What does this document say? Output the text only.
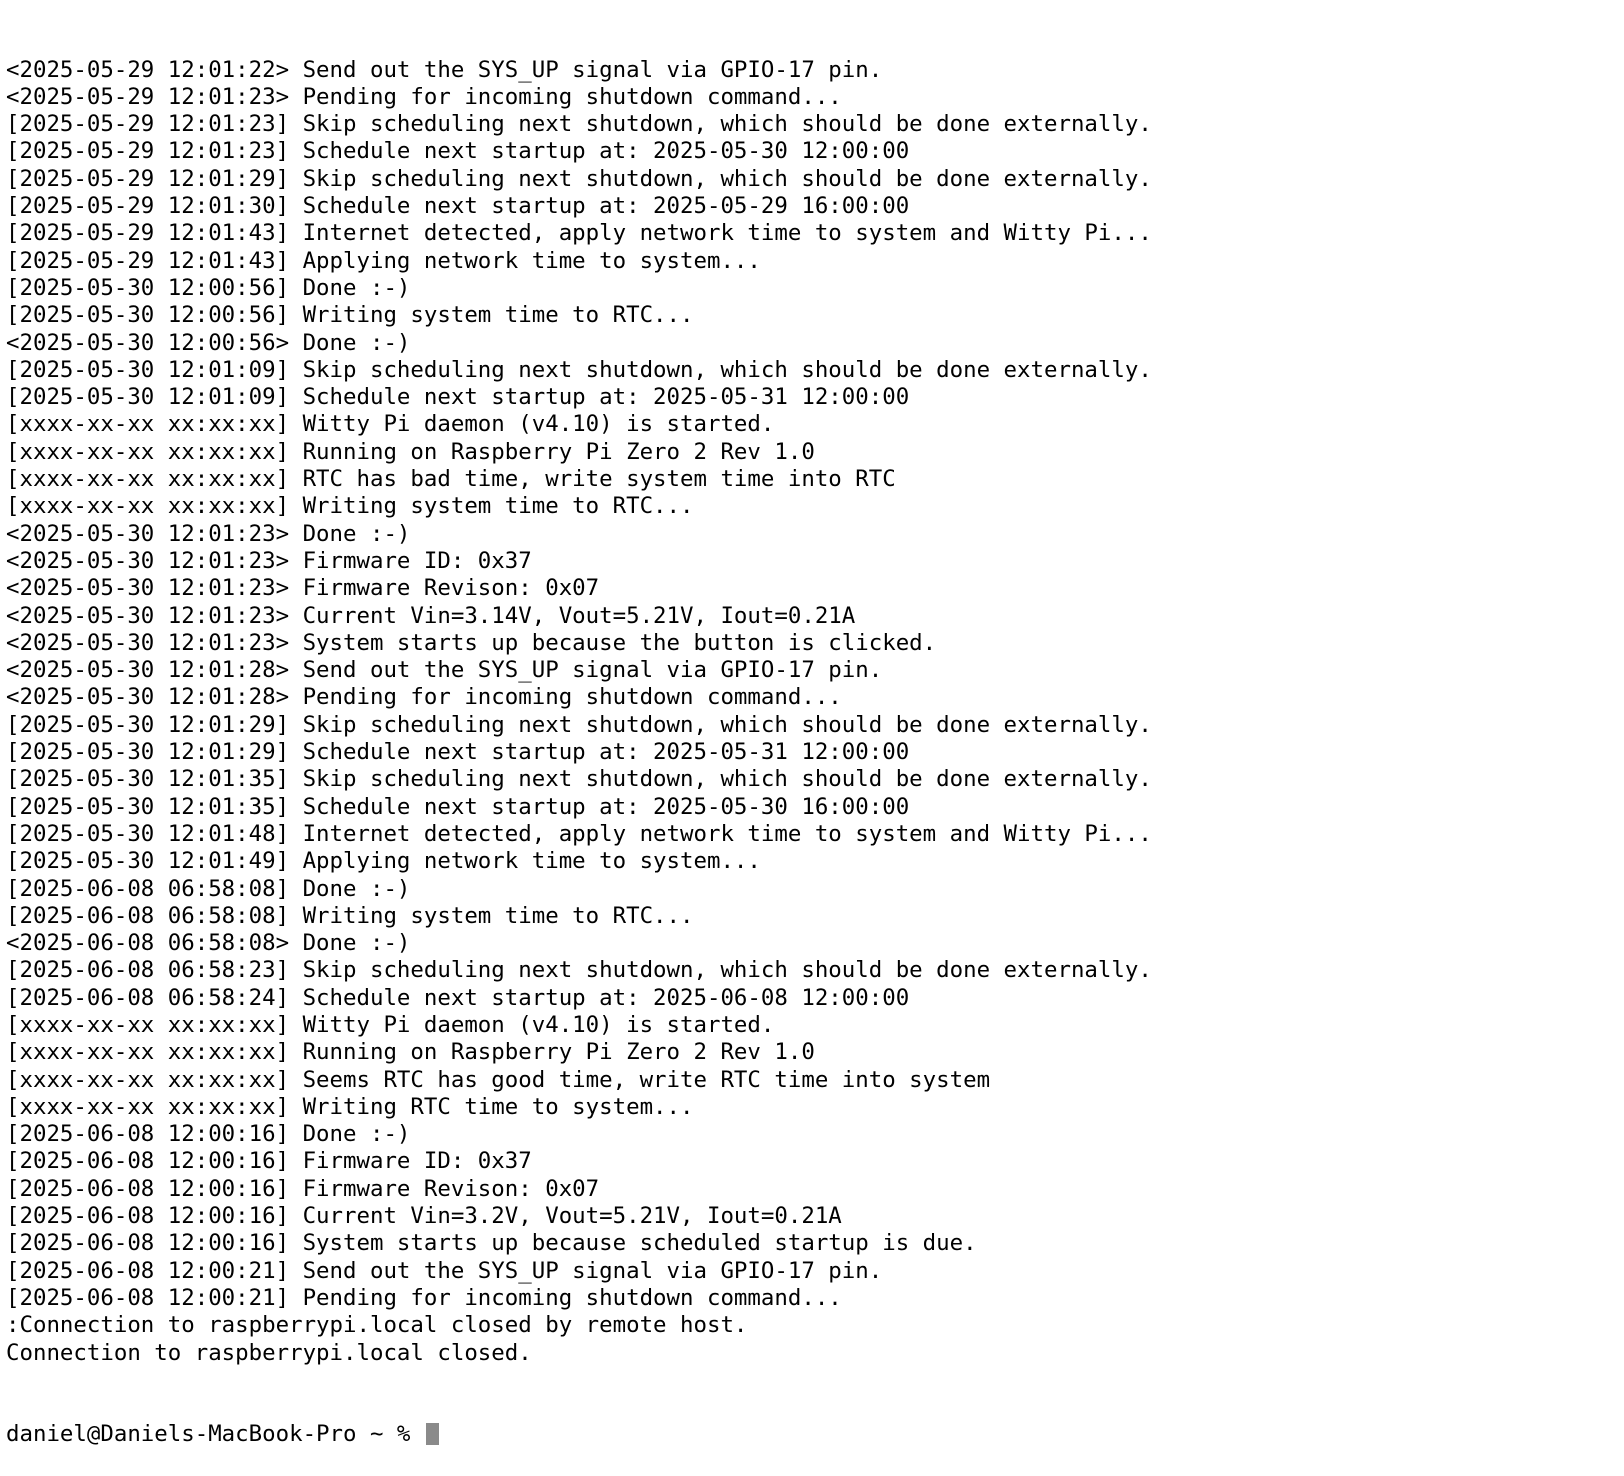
<2025-05-29 12:01:22> Send out the SYS_UP signal via GPIO-17 pin.
<2025-05-29 12:01:23> Pending for incoming shutdown command...
[2025-05-29 12:01:23] Skip scheduling next shutdown, which should be done externally.
[2025-05-29 12:01:23] Schedule next startup at: 2025-05-30 12:00:00
[2025-05-29 12:01:29] Skip scheduling next shutdown, which should be done externally.
[2025-05-29 12:01:30] Schedule next startup at: 2025-05-29 16:00:00
[2025-05-29 12:01:43] Internet detected, apply network time to system and Witty Pi...
[2025-05-29 12:01:43] Applying network time to system...
[2025-05-30 12:00:56] Done :-)
[2025-05-30 12:00:56] Writing system time to RTC...
<2025-05-30 12:00:56> Done :-)
[2025-05-30 12:01:09] Skip scheduling next shutdown, which should be done externally.
[2025-05-30 12:01:09] Schedule next startup at: 2025-05-31 12:00:00
[xxxx-xx-xx xx:xx:xx] Witty Pi daemon (v4.10) is started.
[xxxx-xx-xx xx:xx:xx] Running on Raspberry Pi Zero 2 Rev 1.0
[xxxx-xx-xx xx:xx:xx] RTC has bad time, write system time into RTC
[xxxx-xx-xx xx:xx:xx] Writing system time to RTC...
<2025-05-30 12:01:23> Done :-)
<2025-05-30 12:01:23> Firmware ID: 0x37
<2025-05-30 12:01:23> Firmware Revison: 0x07
<2025-05-30 12:01:23> Current Vin=3.14V, Vout=5.21V, Iout=0.21A
<2025-05-30 12:01:23> System starts up because the button is clicked.
<2025-05-30 12:01:28> Send out the SYS_UP signal via GPIO-17 pin.
<2025-05-30 12:01:28> Pending for incoming shutdown command...
[2025-05-30 12:01:29] Skip scheduling next shutdown, which should be done externally.
[2025-05-30 12:01:29] Schedule next startup at: 2025-05-31 12:00:00
[2025-05-30 12:01:35] Skip scheduling next shutdown, which should be done externally.
[2025-05-30 12:01:35] Schedule next startup at: 2025-05-30 16:00:00
[2025-05-30 12:01:48] Internet detected, apply network time to system and Witty Pi...
[2025-05-30 12:01:49] Applying network time to system...
[2025-06-08 06:58:08] Done :-)
[2025-06-08 06:58:08] Writing system time to RTC...
<2025-06-08 06:58:08> Done :-)
[2025-06-08 06:58:23] Skip scheduling next shutdown, which should be done externally.
[2025-06-08 06:58:24] Schedule next startup at: 2025-06-08 12:00:00
[xxxx-xx-xx xx:xx:xx] Witty Pi daemon (v4.10) is started.
[xxxx-xx-xx xx:xx:xx] Running on Raspberry Pi Zero 2 Rev 1.0
[xxxx-xx-xx xx:xx:xx] Seems RTC has good time, write RTC time into system
[xxxx-xx-xx xx:xx:xx] Writing RTC time to system...
[2025-06-08 12:00:16] Done :-)
[2025-06-08 12:00:16] Firmware ID: 0x37
[2025-06-08 12:00:16] Firmware Revison: 0x07
[2025-06-08 12:00:16] Current Vin=3.2V, Vout=5.21V, Iout=0.21A
[2025-06-08 12:00:16] System starts up because scheduled startup is due.
[2025-06-08 12:00:21] Send out the SYS_UP signal via GPIO-17 pin.
[2025-06-08 12:00:21] Pending for incoming shutdown command...
:Connection to raspberrypi.local closed by remote host.
Connection to raspberrypi.local closed.

daniel@Daniels-MacBook-Pro ~ %
